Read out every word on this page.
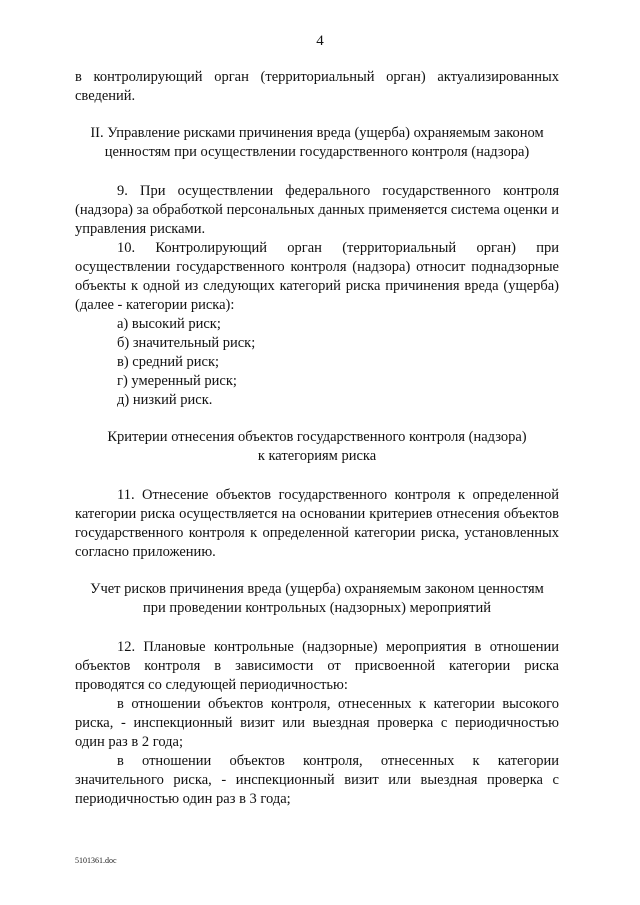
4

в контролирующий орган (территориальный орган) актуализированных сведений.

II. Управление рисками причинения вреда (ущерба) охраняемым законом

ценностям при осуществлении государственного контроля (надзора)

9. При осуществлении федерального государственного контроля (надзора) за обработкой персональных данных применяется система оценки и управления рисками.

10. Контролирующий орган (территориальный орган) при осуществлении государственного контроля (надзора) относит поднадзорные объекты к одной из следующих категорий риска причинения вреда (ущерба) (далее - категории риска):

а) высокий риск;
б) значительный риск;
в) средний риск;
г) умеренный риск;
д) низкий риск.

Критерии отнесения объектов государственного контроля (надзора)

к категориям риска

11. Отнесение объектов государственного контроля к определенной категории риска осуществляется на основании критериев отнесения объектов государственного контроля к определенной категории риска, установленных согласно приложению.

Учет рисков причинения вреда (ущерба) охраняемым законом ценностям

при проведении контрольных (надзорных) мероприятий

12. Плановые контрольные (надзорные) мероприятия в отношении объектов контроля в зависимости от присвоенной категории риска проводятся со следующей периодичностью:

в отношении объектов контроля, отнесенных к категории высокого риска, - инспекционный визит или выездная проверка с периодичностью один раз в 2 года;

в отношении объектов контроля, отнесенных к категории значительного риска, - инспекционный визит или выездная проверка с периодичностью один раз в 3 года;

5101361.doc
